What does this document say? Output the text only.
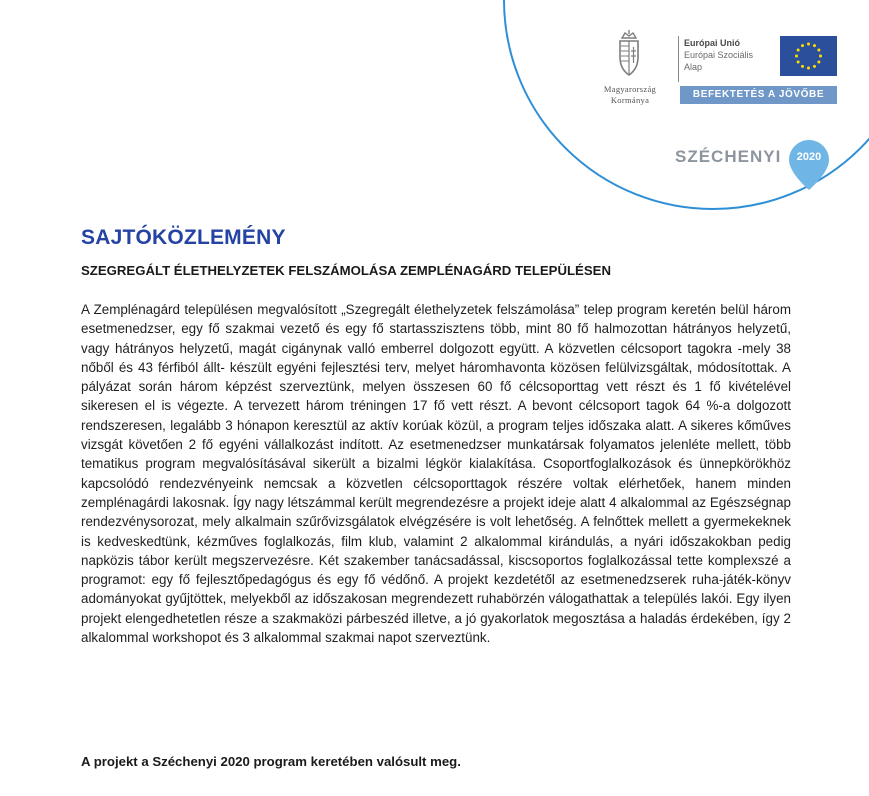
Magyarország
Kormánya
Európai Unió
Európai Szociális
Alap
BEFEKTETÉS A JÖVŐBE
SZÉCHENYI	2020
SAJTÓKÖZLEMÉNY
SZEGREGÁLT ÉLETHELYZETEK FELSZÁMOLÁSA ZEMPLÉNAGÁRD TELEPÜLÉSEN

A Zemplénagárd településen megvalósított „Szegregált élethelyzetek felszámolása” telep program keretén belül három esetmenedzser, egy fő szakmai vezető és egy fő startasszisztens több, mint 80 fő halmozottan hátrányos helyzetű, vagy hátrányos helyzetű, magát cigánynak valló emberrel dolgozott együtt. A közvetlen célcsoport tagokra -mely 38 nőből és 43 férfiból állt- készült egyéni fejlesztési terv, melyet háromhavonta közösen felülvizsgáltak, módosítottak. A pályázat során három képzést szerveztünk, melyen összesen 60 fő célcsoporttag vett részt és 1 fő kivételével sikeresen el is végezte. A tervezett három tréningen 17 fő vett részt. A bevont célcsoport tagok 64 %-a dolgozott rendszeresen, legalább 3 hónapon keresztül az aktív korúak közül, a program teljes időszaka alatt. A sikeres kőműves vizsgát követően 2 fő egyéni vállalkozást indított. Az esetmenedzser munkatársak folyamatos jelenléte mellett, több tematikus program megvalósításával sikerült a bizalmi légkör kialakítása. Csoportfoglalkozások és ünnepkörökhöz kapcsolódó rendezvényeink nemcsak a közvetlen célcsoporttagok részére voltak elérhetőek, hanem minden zemplénagárdi lakosnak. Így nagy létszámmal került megrendezésre a projekt ideje alatt 4 alkalommal az Egészségnap rendezvénysorozat, mely alkalmain szűrővizsgálatok elvégzésére is volt lehetőség. A felnőttek mellett a gyermekeknek is kedveskedtünk, kézműves foglalkozás, film klub, valamint 2 alkalommal kirándulás, a nyári időszakokban pedig napközis tábor került megszervezésre. Két szakember tanácsadással, kiscsoportos foglalkozással tette komplexszé a programot: egy fő fejlesztőpedagógus és egy fő védőnő. A projekt kezdetétől az esetmenedzserek ruha-játék-könyv adományokat gyűjtöttek, melyekből az időszakosan megrendezett ruhabörzén válogathattak a település lakói. Egy ilyen projekt elengedhetetlen része a szakmaközi párbeszéd illetve, a jó gyakorlatok megosztása a haladás érdekében, így 2 alkalommal workshopot és 3 alkalommal szakmai napot szerveztünk.

A projekt a Széchenyi 2020 program keretében valósult meg.
